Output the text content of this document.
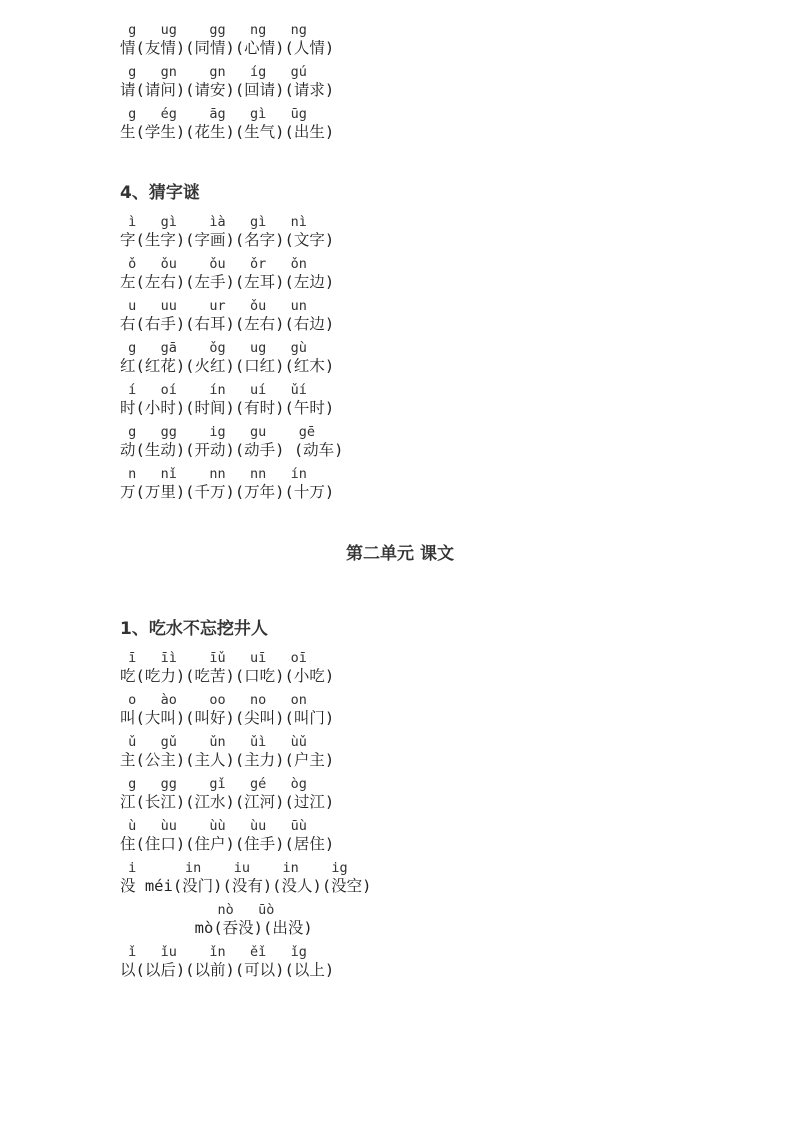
g   ug    gg   ng   ng
情(友情)(同情)(心情)(人情)
g   gn    gn   íg   gú
请(请问)(请安)(回请)(请求)
g   ég    āg   gì   ūg
生(学生)(花生)(生气)(出生)
4、猜字谜
ì   gì    ìà   gì   nì
字(生字)(字画)(名字)(文字)
ǒ   ǒu    ǒu   ǒr   ǒn
左(左右)(左手)(左耳)(左边)
u   uu    ur   ǒu   un
右(右手)(右耳)(左右)(右边)
g   gā    ǒg   ug   gù
红(红花)(火红)(口红)(红木)
í   oí    ín   uí   ǔí
时(小时)(时间)(有时)(午时)
g   gg    ig   gu    gē
动(生动)(开动)(动手) (动车)
n   nǐ    nn   nn   ín
万(万里)(千万)(万年)(十万)
第二单元 课文
1、吃水不忘挖井人
ī   īì    īǔ   uī   oī
吃(吃力)(吃苦)(口吃)(小吃)
o   ào    oo   no   on
叫(大叫)(叫好)(尖叫)(叫门)
ǔ   gǔ    ǔn   ǔì   ùǔ
主(公主)(主人)(主力)(户主)
g   gg    gǐ   gé   òg
江(长江)(江水)(江河)(过江)
ù   ùu    ùù   ùu   ūù
住(住口)(住户)(住手)(居住)
i      in    iu    in    ig
没 méi(没门)(没有)(没人)(没空)
nò   ūò
mò(吞没)(出没)
ǐ   ǐu    ǐn   ěǐ   ǐg
以(以后)(以前)(可以)(以上)
